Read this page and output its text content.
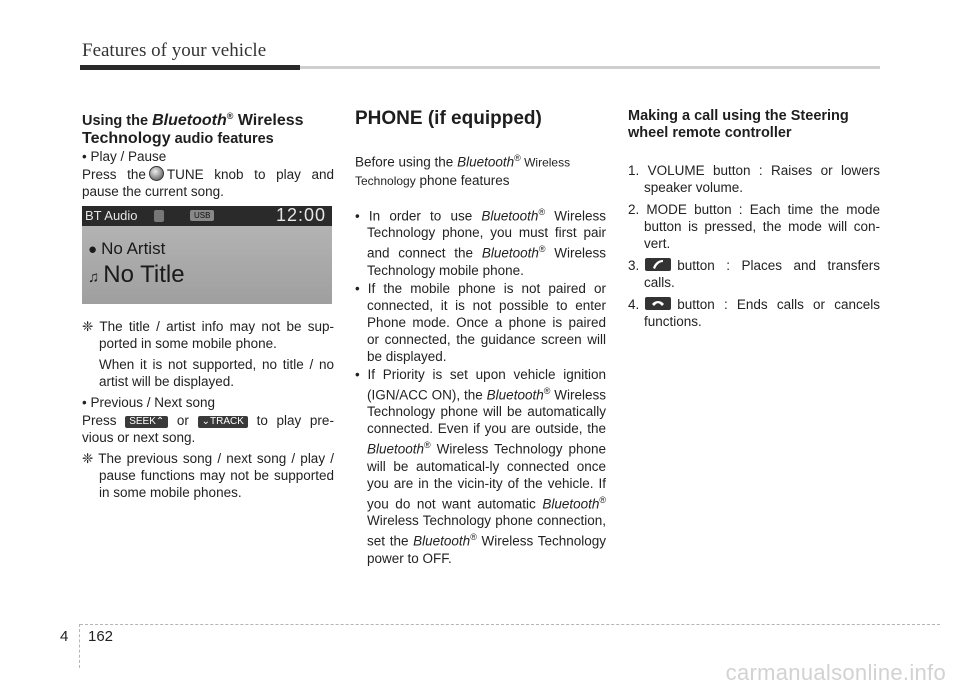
Features of your vehicle
Using the Bluetooth® Wireless
Technology audio features

• Play / Pause

Press the TUNE knob to play and pause the current song.

BT Audio	USB	12:00
● No Artist
♫ No Title

❈ The title / artist info may not be sup-ported in some mobile phone.

When it is not supported, no title / no artist will be displayed.

• Previous / Next song

Press SEEK⌃ or ⌄TRACK to play pre-vious or next song.

❈ The previous song / next song / play / pause functions may not be supported in some mobile phones.

PHONE (if equipped)

Before using the Bluetooth® Wireless
Technology phone features

• In order to use Bluetooth® Wireless Technology phone, you must first pair and connect the Bluetooth® Wireless Technology mobile phone.

• If the mobile phone is not paired or connected, it is not possible to enter Phone mode. Once a phone is paired or connected, the guidance screen will be displayed.

• If Priority is set upon vehicle ignition (IGN/ACC ON), the Bluetooth® Wireless Technology phone will be automatically connected. Even if you are outside, the Bluetooth® Wireless Technology phone will be automatical-ly connected once you are in the vicin-ity of the vehicle. If you do not want automatic Bluetooth® Wireless Technology phone connection, set the Bluetooth® Wireless Technology power to OFF.

Making a call using the Steering wheel remote controller

1. VOLUME button : Raises or lowers speaker volume.

2. MODE button : Each time the mode button is pressed, the mode will con-vert.

3.	button : Places and transfers calls.

4.	button : Ends calls or cancels functions.

4 162
carmanualsonline.info
